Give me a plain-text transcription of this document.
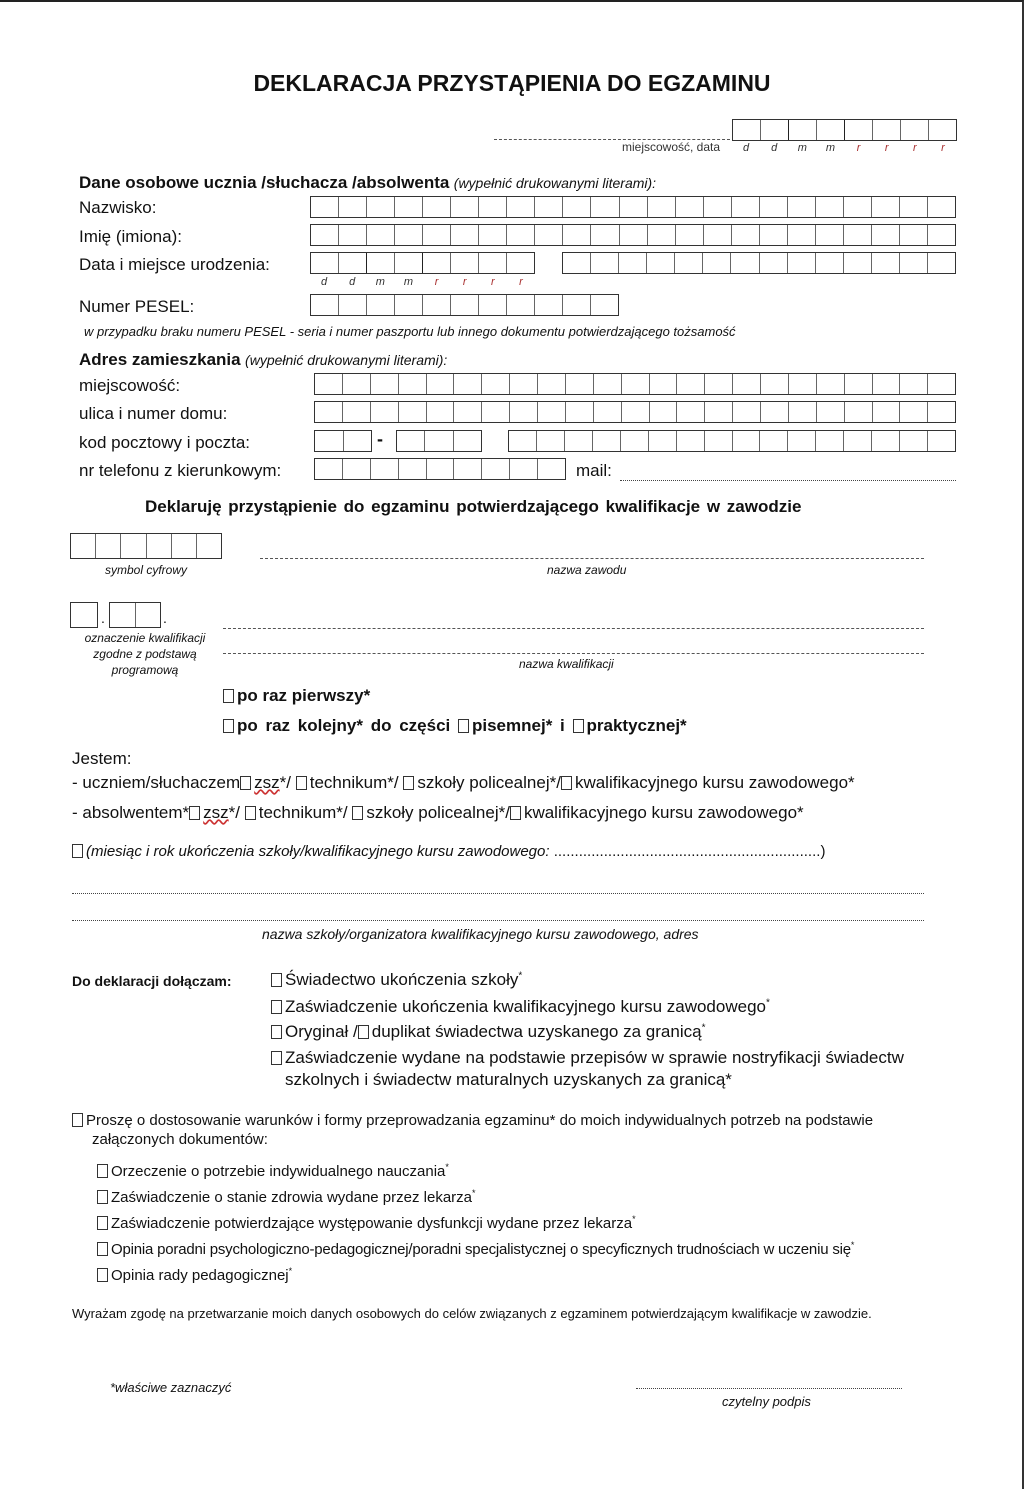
DEKLARACJA PRZYSTĄPIENIA DO EGZAMINU
miejscowość, data	d	d	m	m	r	r	r	r
Dane osobowe ucznia /słuchacza /absolwenta (wypełnić drukowanymi literami):
Nazwisko:
Imię (imiona):
Data i miejsce urodzenia:
d	d	m	m	r	r	r	r
Numer PESEL:
w przypadku braku numeru PESEL - seria i numer paszportu lub innego dokumentu potwierdzającego tożsamość
Adres zamieszkania (wypełnić drukowanymi literami):
miejscowość:
ulica i numer domu:
kod pocztowy i poczta:	-
nr telefonu z kierunkowym:	mail:
Deklaruję przystąpienie do egzaminu potwierdzającego kwalifikacje w zawodzie
symbol cyfrowy	nazwa zawodu
.	.
oznaczenie kwalifikacji
zgodne z podstawą
programową	nazwa kwalifikacji
po raz pierwszy*
po raz kolejny* do części pisemnej* i praktycznej*
Jestem:
- uczniem/słuchaczem zsz*/ technikum*/ szkoły policealnej*/ kwalifikacyjnego kursu zawodowego*
- absolwentem* zsz*/ technikum*/ szkoły policealnej*/ kwalifikacyjnego kursu zawodowego*
(miesiąc i rok ukończenia szkoły/kwalifikacyjnego kursu zawodowego: ................................................................)
nazwa szkoły/organizatora kwalifikacyjnego kursu zawodowego, adres
Do deklaracji dołączam:	Świadectwo ukończenia szkoły*
Zaświadczenie ukończenia kwalifikacyjnego kursu zawodowego*
Oryginał / duplikat świadectwa uzyskanego za granicą*
Zaświadczenie wydane na podstawie przepisów w sprawie nostryfikacji świadectw
szkolnych i świadectw maturalnych uzyskanych za granicą*
Proszę o dostosowanie warunków i formy przeprowadzania egzaminu* do moich indywidualnych potrzeb na podstawie
załączonych dokumentów:
Orzeczenie o potrzebie indywidualnego nauczania*
Zaświadczenie o stanie zdrowia wydane przez lekarza*
Zaświadczenie potwierdzające występowanie dysfunkcji wydane przez lekarza*
Opinia poradni psychologiczno-pedagogicznej/poradni specjalistycznej o specyficznych trudnościach w uczeniu się*
Opinia rady pedagogicznej*
Wyrażam zgodę na przetwarzanie moich danych osobowych do celów związanych z egzaminem potwierdzającym kwalifikacje w zawodzie.
*właściwe zaznaczyć
czytelny podpis
